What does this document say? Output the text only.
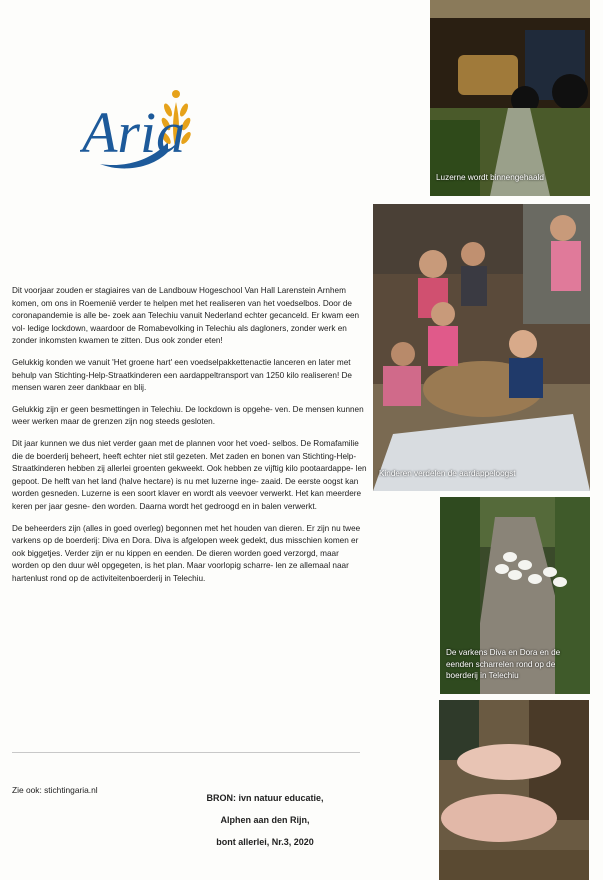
Aria

Dit voorjaar zouden er stagiaires van de Landbouw Hogeschool Van Hall Larenstein Arnhem komen, om ons in Roemenië verder te helpen met het realiseren van het voedselbos. Door de coronapandemie is alle be- zoek aan Telechiu vanuit Nederland echter gecanceld. Er kwam een vol- ledige lockdown, waardoor de Romabevolking in Telechiu als dagloners, zonder werk en zonder inkomsten kwamen te zitten. Dus ook zonder eten!

Gelukkig konden we vanuit 'Het groene hart' een voedselpakkettenactie lanceren en later met behulp van Stichting-Help-Straatkinderen een aardappeltransport van 1250 kilo realiseren! De mensen waren zeer dankbaar en blij.

Gelukkig zijn er geen besmettingen in Telechiu. De lockdown is opgehe- ven. De mensen kunnen weer werken maar de grenzen zijn nog steeds gesloten.

Dit jaar kunnen we dus niet verder gaan met de plannen voor het voed- selbos. De Romafamilie die de boerderij beheert, heeft echter niet stil gezeten. Met zaden en bonen van Stichting-Help-Straatkinderen hebben zij allerlei groenten gekweekt. Ook hebben ze vijftig kilo pootaardappe- len gepoot. De helft van het land (halve hectare) is nu met luzerne inge- zaaid. De eerste oogst kan worden gesneden. Luzerne is een soort klaver en wordt als veevoer verwerkt. Het kan meerdere keren per jaar gesne- den worden. Daarna wordt het gedroogd en in balen verwerkt.

De beheerders zijn (alles in goed overleg) begonnen met het houden van dieren. Er zijn nu twee varkens op de boerderij: Diva en Dora. Diva is afgelopen week gedekt, dus misschien komen er ook biggetjes. Verder zijn er nu kippen en eenden. De dieren worden goed verzorgd, maar worden op den duur wèl opgegeten, is het plan. Maar voorlopig scharre- len ze allemaal naar hartenlust rond op de activiteitenboerderij in Telechiu.

Zie ook: stichtingaria.nl
BRON: ivn natuur educatie,
Alphen aan den Rijn,
bont allerlei, Nr.3, 2020
Luzerne wordt binnengehaald
Kinderen verdelen de aardappeloogst
De varkens Diva en Dora en de eenden scharrelen rond op de boerderij in Telechiu
